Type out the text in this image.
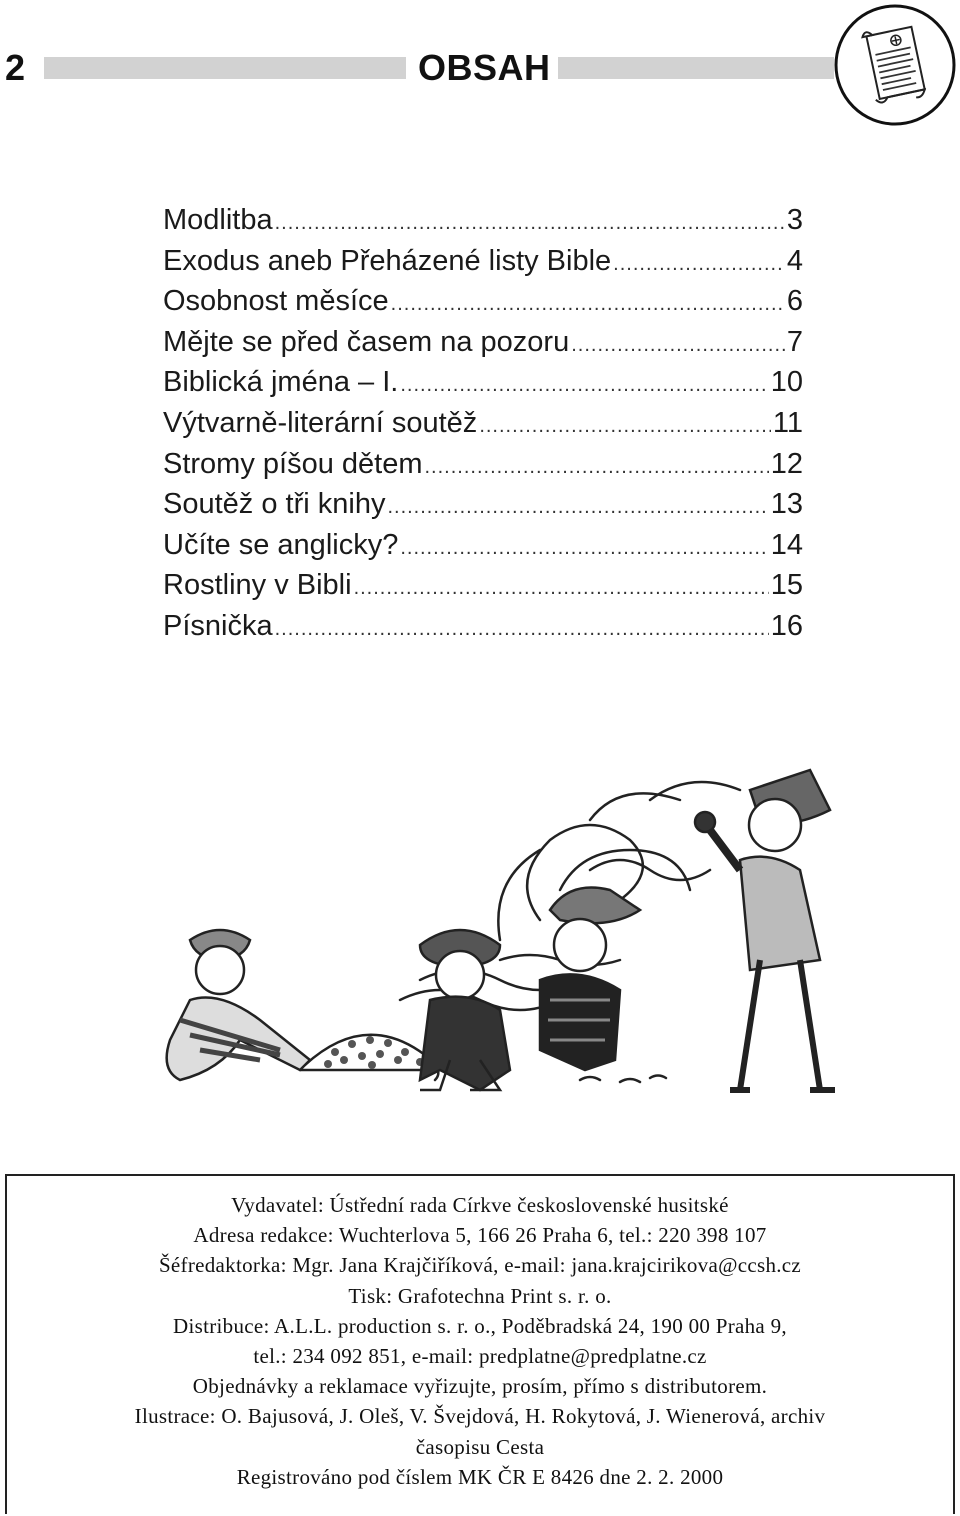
2	OBSAH
Modlitba .....	3
Exodus aneb Přeházené listy Bible .....	4
Osobnost měsíce .....	6
Mějte se před časem na pozoru .....	7
Biblická jména – I. .....	10
Výtvarně-literární soutěž .....	11
Stromy píšou dětem .....	12
Soutěž o tři knihy .....	13
Učíte se anglicky? .....	14
Rostliny v Bibli .....	15
Písnička .....	16
Vydavatel: Ústřední rada Církve československé husitské
Adresa redakce: Wuchterlova 5, 166 26 Praha 6, tel.: 220 398 107
Šéfredaktorka: Mgr. Jana Krajčiříková, e-mail: jana.krajcirikova@ccsh.cz
Tisk: Grafotechna Print s. r. o.
Distribuce: A.L.L. production s. r. o., Poděbradská 24, 190 00 Praha 9,
tel.: 234 092 851, e-mail: predplatne@predplatne.cz
Objednávky a reklamace vyřizujte, prosím, přímo s distributorem.
Ilustrace: O. Bajusová, J. Oleš, V. Švejdová, H. Rokytová, J. Wienerová, archiv
časopisu Cesta
Registrováno pod číslem MK ČR E 8426 dne 2. 2. 2000
